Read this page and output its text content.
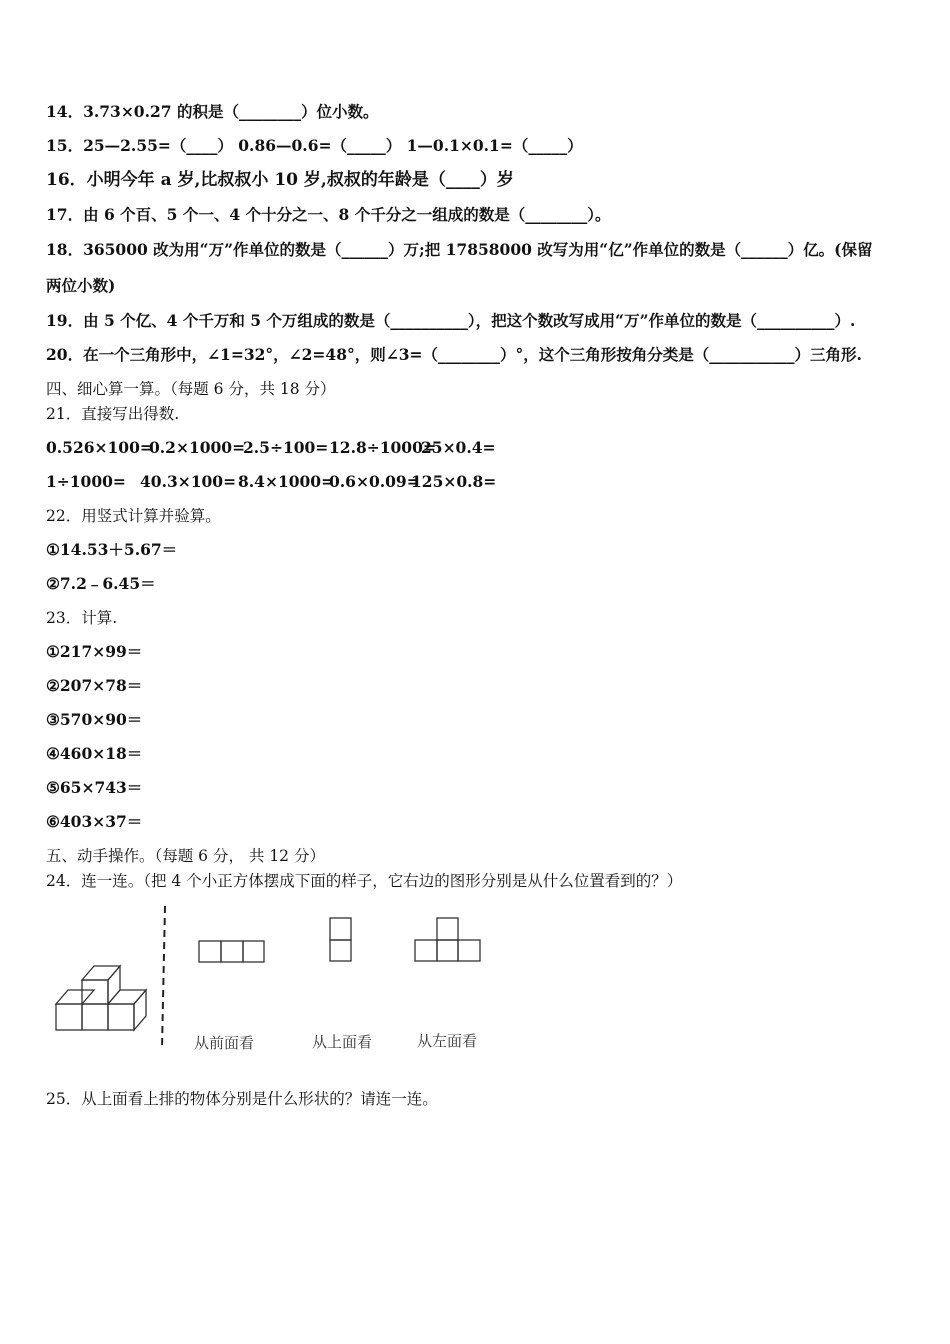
14．3.73×0.27 的积是（________）位小数。
15．25—2.55=（____） 0.86—0.6=（_____） 1—0.1×0.1=（_____）
16．小明今年 a 岁,比叔叔小 10 岁,叔叔的年龄是（____）岁
17．由 6 个百、5 个一、4 个十分之一、8 个千分之一组成的数是（________）。
18．365000 改为用“万”作单位的数是（______）万;把 17858000 改写为用“亿”作单位的数是（______）亿。(保留
两位小数)
19．由 5 个亿、4 个千万和 5 个万组成的数是（__________），把这个数改写成用“万”作单位的数是（__________）.
20．在一个三角形中，∠1=32°，∠2=48°，则∠3=（________）°，这个三角形按角分类是（___________）三角形.
四、细心算一算。（每题 6 分，共 18 分）
21．直接写出得数.
0.526×100=0.2×1000=2.5÷100=12.8÷1000=25×0.4=
1÷1000= 40.3×100= 8.4×1000=0.6×0.09=125×0.8=
22．用竖式计算并验算。
①14.53＋5.67＝
②7.2﹣6.45＝
23．计算.
①217×99＝
②207×78＝
③570×90＝
④460×18＝
⑤65×743＝
⑥403×37＝
五、动手操作。（每题 6 分， 共 12 分）
24．连一连。（把 4 个小正方体摆成下面的样子，它右边的图形分别是从什么位置看到的？）
从前面看	从上面看	从左面看
25．从上面看上排的物体分别是什么形状的？请连一连。
